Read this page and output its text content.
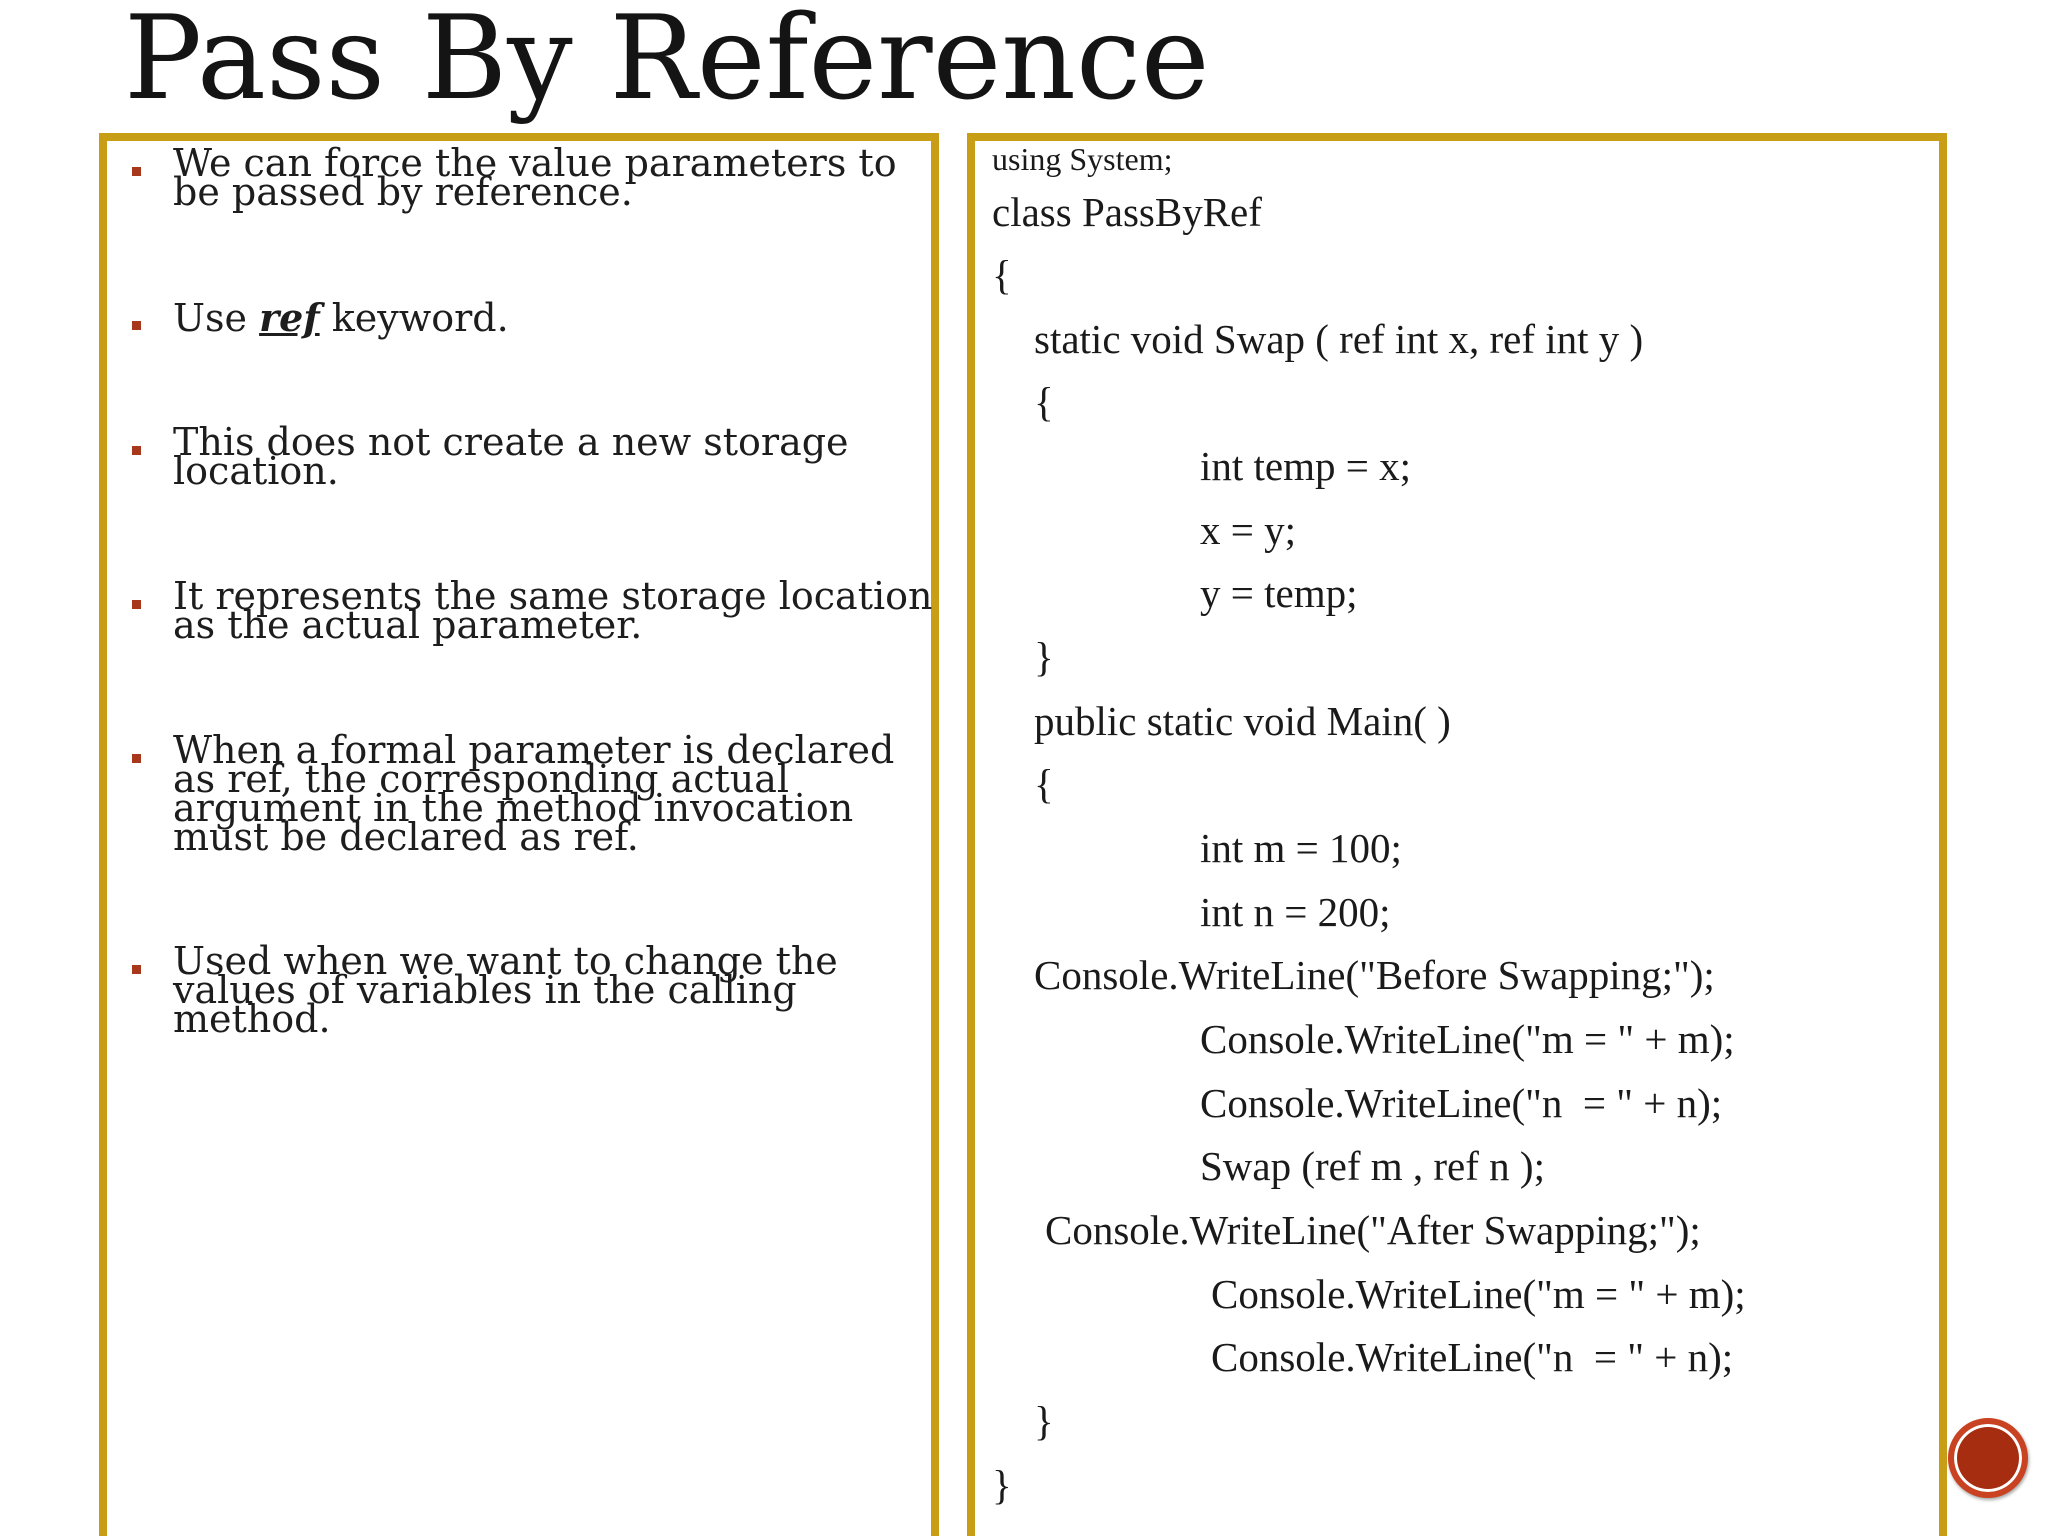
Pass By Reference
We can force the value parameters to be passed by reference.
Use ref keyword.
This does not create a new storage location.
It represents the same storage location as the actual parameter.
When a formal parameter is declared as ref, the corresponding actual argument in the method invocation must be declared as ref.
Used when we want to change the values of variables in the calling method.
using System;
class PassByRef
{
static void Swap ( ref int x, ref int y )
{
int temp = x;
x = y;
y = temp;
}
public static void Main( )
{
int m = 100;
int n = 200;
Console.WriteLine("Before Swapping;");
Console.WriteLine("m = " + m);
Console.WriteLine("n  = " + n);
Swap (ref m , ref n );
Console.WriteLine("After Swapping;");
Console.WriteLine("m = " + m);
Console.WriteLine("n  = " + n);
}
}
